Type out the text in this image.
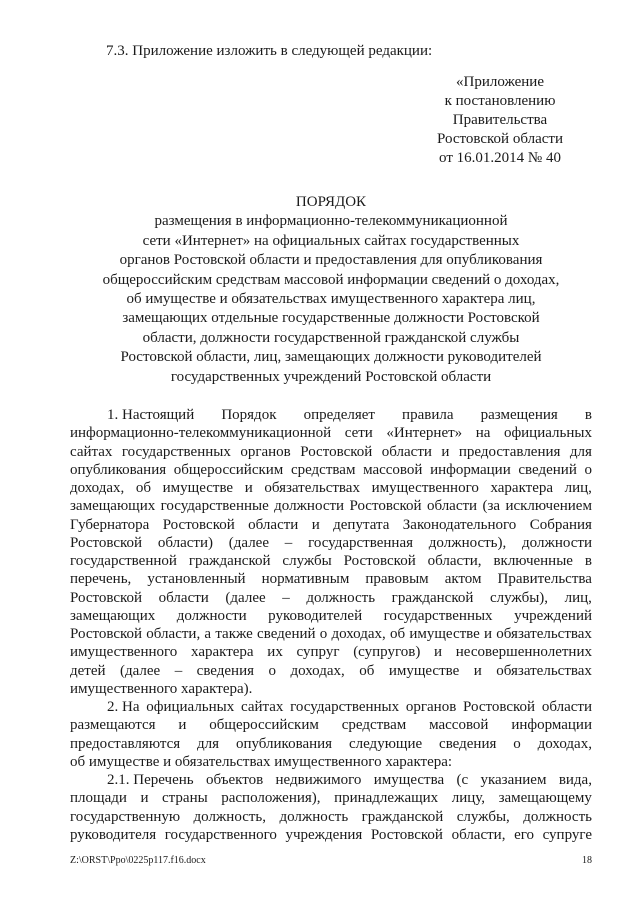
7.3. Приложение изложить в следующей редакции:
«Приложение
к постановлению
Правительства
Ростовской области
от 16.01.2014 № 40
ПОРЯДОК
размещения в информационно-телекоммуникационной
сети «Интернет» на официальных сайтах государственных
органов Ростовской области и предоставления для опубликования
общероссийским средствам массовой информации сведений о доходах,
об имуществе и обязательствах имущественного характера лиц,
замещающих отдельные государственные должности Ростовской
области, должности государственной гражданской службы
Ростовской области, лиц, замещающих должности руководителей
государственных учреждений Ростовской области
1. Настоящий Порядок определяет правила размещения в
информационно-телекоммуникационной сети «Интернет» на официальных
сайтах государственных органов Ростовской области и предоставления для
опубликования общероссийским средствам массовой информации сведений о
доходах, об имуществе и обязательствах имущественного характера лиц,
замещающих государственные должности Ростовской области (за исключением
Губернатора Ростовской области и депутата Законодательного Собрания
Ростовской области) (далее – государственная должность), должности
государственной гражданской службы Ростовской области, включенные в
перечень, установленный нормативным правовым актом Правительства
Ростовской области (далее – должность гражданской службы), лиц,
замещающих должности руководителей государственных учреждений
Ростовской области, а также сведений о доходах, об имуществе и обязательствах
имущественного характера их супруг (супругов) и несовершеннолетних
детей (далее – сведения о доходах, об имуществе и обязательствах
имущественного характера).
2. На официальных сайтах государственных органов Ростовской области
размещаются и общероссийским средствам массовой информации
предоставляются для опубликования следующие сведения о доходах,
об имуществе и обязательствах имущественного характера:
2.1. Перечень объектов недвижимого имущества (с указанием вида,
площади и страны расположения), принадлежащих лицу, замещающему
государственную должность, должность гражданской службы, должность
руководителя государственного учреждения Ростовской области, его супруге
Z:\ORST\Ppo\0225p117.f16.docx	18
